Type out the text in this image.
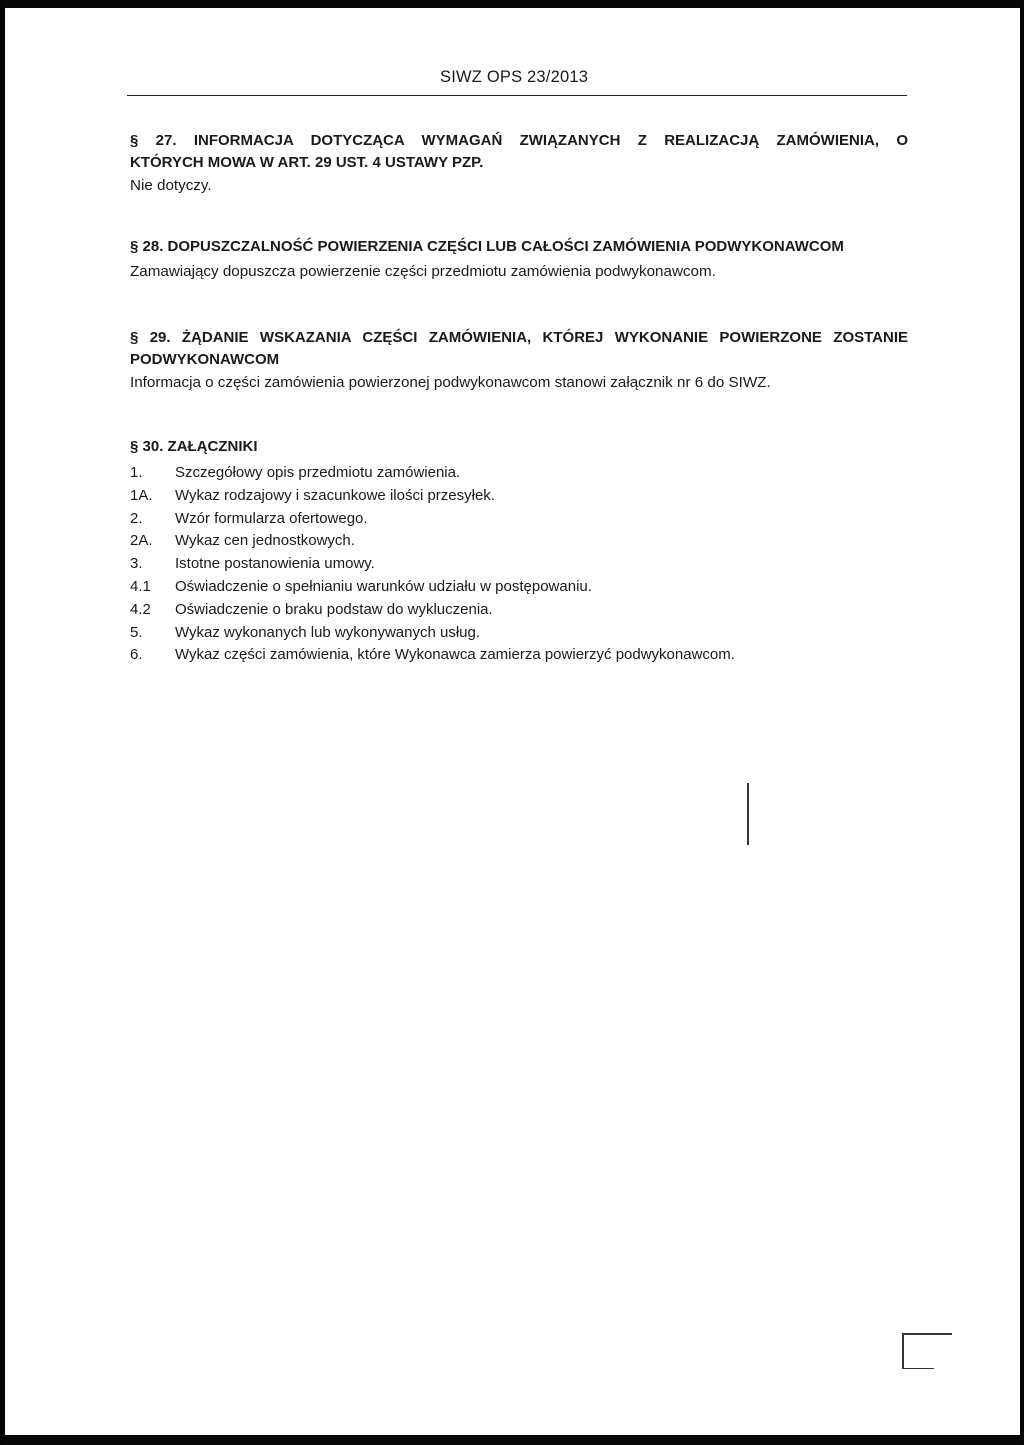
SIWZ OPS 23/2013
§ 27. INFORMACJA DOTYCZĄCA WYMAGAŃ ZWIĄZANYCH Z REALIZACJĄ ZAMÓWIENIA, O
KTÓRYCH MOWA W ART. 29 UST. 4 USTAWY PZP.
Nie dotyczy.
§ 28. DOPUSZCZALNOŚĆ POWIERZENIA CZĘŚCI LUB CAŁOŚCI ZAMÓWIENIA PODWYKONAWCOM
Zamawiający dopuszcza powierzenie części przedmiotu zamówienia podwykonawcom.
§ 29. ŻĄDANIE WSKAZANIA CZĘŚCI ZAMÓWIENIA, KTÓREJ WYKONANIE POWIERZONE ZOSTANIE
PODWYKONAWCOM
Informacja o części zamówienia powierzonej podwykonawcom stanowi załącznik nr 6 do SIWZ.
§ 30. ZAŁĄCZNIKI
1.	Szczegółowy opis przedmiotu zamówienia.
1A.	Wykaz rodzajowy i szacunkowe ilości przesyłek.
2.	Wzór formularza ofertowego.
2A.	Wykaz cen jednostkowych.
3.	Istotne postanowienia umowy.
4.1	Oświadczenie o spełnianiu warunków udziału w postępowaniu.
4.2	Oświadczenie o braku podstaw do wykluczenia.
5.	Wykaz wykonanych lub wykonywanych usług.
6.	Wykaz części zamówienia, które Wykonawca zamierza powierzyć podwykonawcom.
